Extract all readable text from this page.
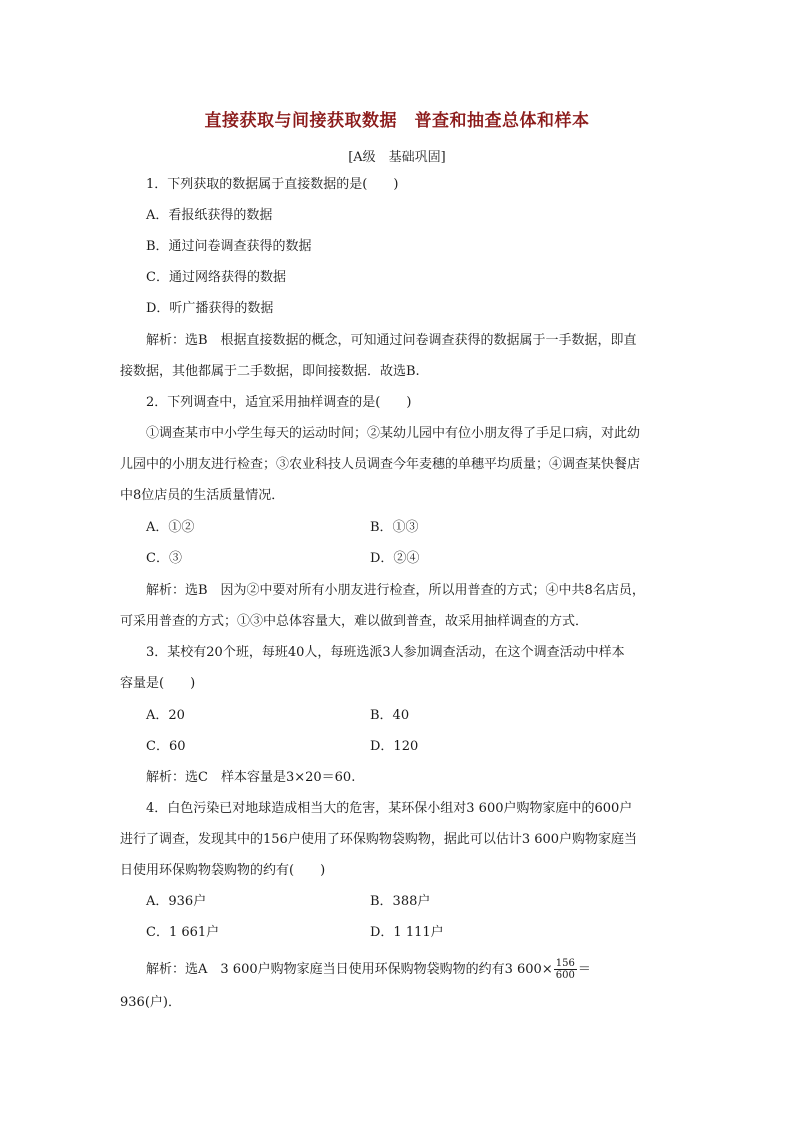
直接获取与间接获取数据　普查和抽查总体和样本
[A级　基础巩固]
1．下列获取的数据属于直接数据的是(　　)
A．看报纸获得的数据
B．通过问卷调查获得的数据
C．通过网络获得的数据
D．听广播获得的数据
解析：选B　根据直接数据的概念，可知通过问卷调查获得的数据属于一手数据，即直
接数据，其他都属于二手数据，即间接数据．故选B.
2．下列调查中，适宜采用抽样调查的是(　　)
①调查某市中小学生每天的运动时间；②某幼儿园中有位小朋友得了手足口病，对此幼
儿园中的小朋友进行检查；③农业科技人员调查今年麦穗的单穗平均质量；④调查某快餐店
中8位店员的生活质量情况．
A．①②	B．①③
C．③	D．②④
解析：选B　因为②中要对所有小朋友进行检查，所以用普查的方式；④中共8名店员，
可采用普查的方式；①③中总体容量大，难以做到普查，故采用抽样调查的方式．
3．某校有20个班，每班40人，每班选派3人参加调查活动，在这个调查活动中样本
容量是(　　)
A．20	B．40
C．60	D．120
解析：选C　样本容量是3×20＝60.
4．白色污染已对地球造成相当大的危害，某环保小组对3 600户购物家庭中的600户
进行了调查，发现其中的156户使用了环保购物袋购物，据此可以估计3 600户购物家庭当
日使用环保购物袋购物的约有(　　)
A．936户	B．388户
C．1 661户	D．1 111户
解析：选A　3 600户购物家庭当日使用环保购物袋购物的约有3 $600\times \frac{156}{600}$ ＝
936(户)．
